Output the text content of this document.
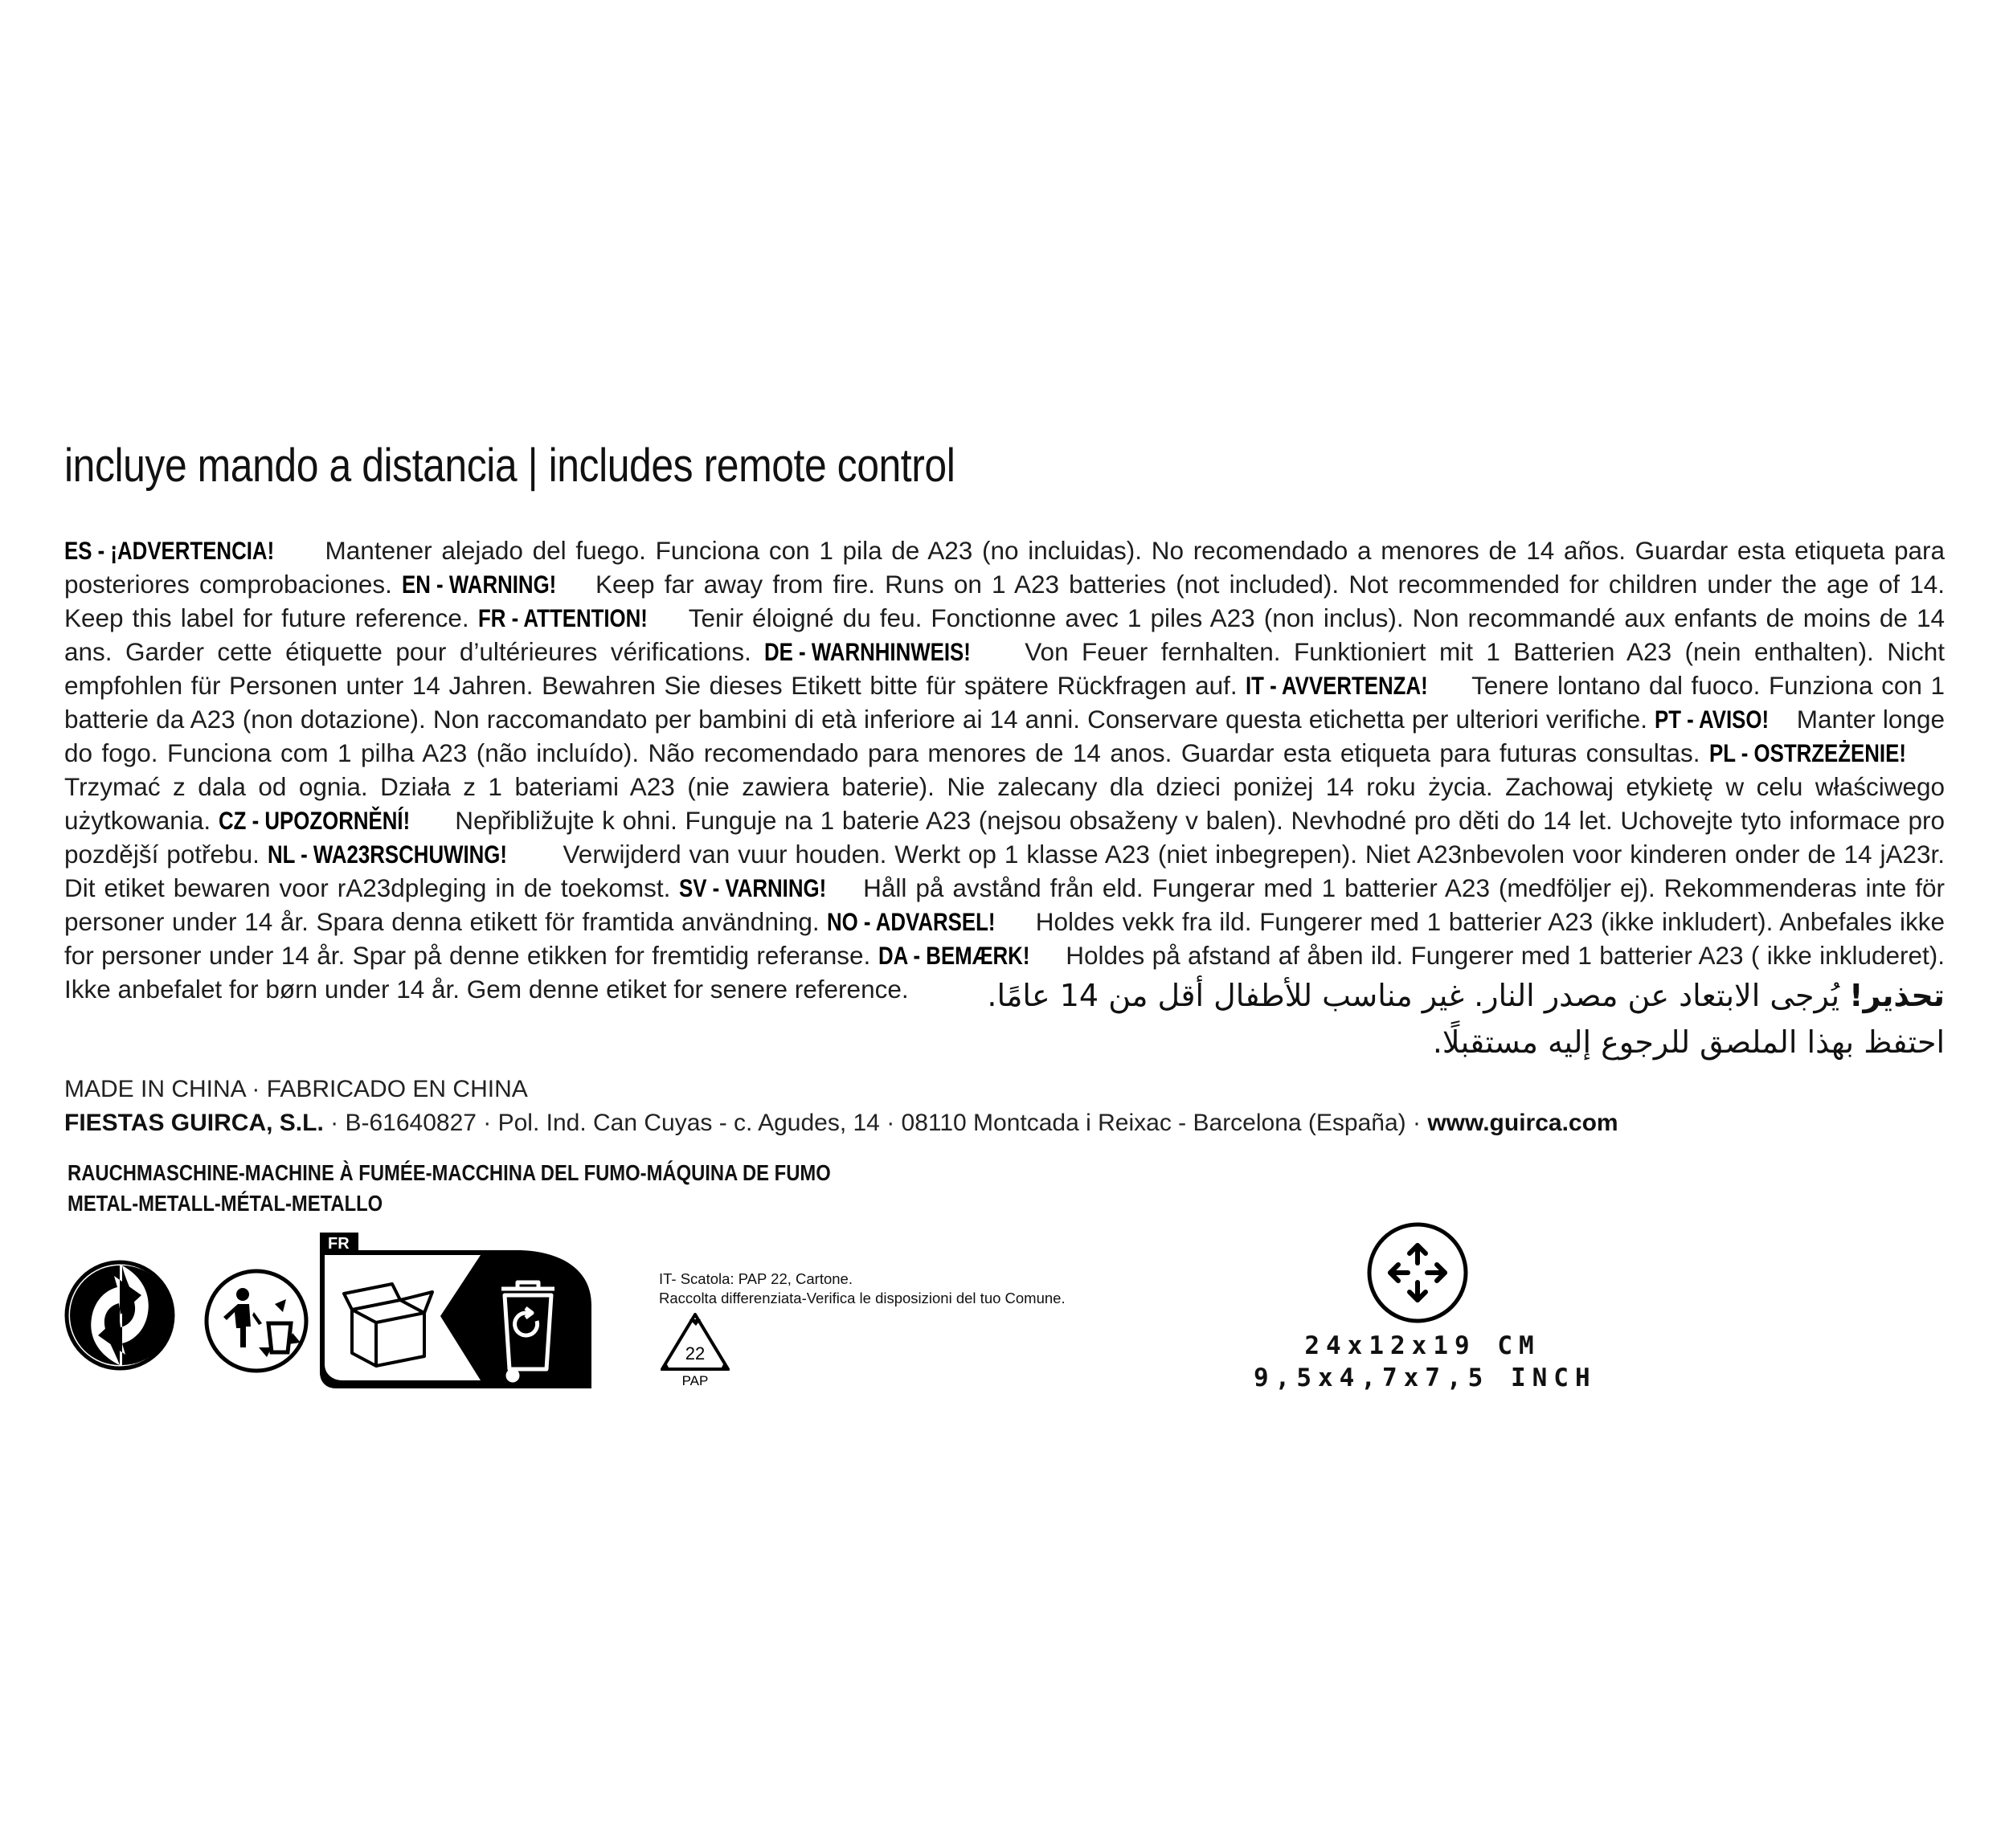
incluye mando a distancia | includes remote control
ES - ¡ADVERTENCIA! Mantener alejado del fuego. Funciona con 1 pila de A23 (no incluidas). No recomendado a menores de 14 años. Guardar esta etiqueta para posteriores comprobaciones. EN - WARNING! Keep far away from fire. Runs on 1 A23 batteries (not included). Not recommended for children under the age of 14. Keep this label for future reference. FR - ATTENTION! Tenir éloigné du feu. Fonctionne avec 1 piles A23 (non inclus). Non recommandé aux enfants de moins de 14 ans. Garder cette étiquette pour d’ultérieures vérifications. DE - WARNHINWEIS! Von Feuer fernhalten. Funktioniert mit 1 Batterien A23 (nein enthalten). Nicht empfohlen für Personen unter 14 Jahren. Bewahren Sie dieses Etikett bitte für spätere Rückfragen auf. IT - AVVERTENZA! Tenere lontano dal fuoco. Funziona con 1 batterie da A23 (non dotazione). Non raccomandato per bambini di età inferiore ai 14 anni. Conservare questa etichetta per ulteriori verifiche. PT - AVISO! Manter longe do fogo. Funciona com 1 pilha A23 (não incluído). Não recomendado para menores de 14 anos. Guardar esta etiqueta para futuras consultas. PL - OSTRZEŻENIE! Trzymać z dala od ognia. Działa z 1 bateriami A23 (nie zawiera baterie). Nie zalecany dla dzieci poniżej 14 roku życia. Zachowaj etykietę w celu właściwego użytkowania. CZ - UPOZORNĚNÍ! Nepřibližujte k ohni. Funguje na 1 baterie A23 (nejsou obsaženy v balen). Nevhodné pro děti do 14 let. Uchovejte tyto informace pro pozdější potřebu. NL - WA23RSCHUWING! Verwijderd van vuur houden. Werkt op 1 klasse A23 (niet inbegrepen). Niet A23nbevolen voor kinderen onder de 14 jA23r. Dit etiket bewaren voor rA23dpleging in de toekomst. SV - VARNING! Håll på avstånd från eld. Fungerar med 1 batterier A23 (medföljer ej). Rekommenderas inte för personer under 14 år. Spara denna etikett för framtida användning. NO - ADVARSEL! Holdes vekk fra ild. Fungerer med 1 batterier A23 (ikke inkludert). Anbefales ikke for personer under 14 år. Spar på denne etikken for fremtidig referanse. DA - BEMÆRK! Holdes på afstand af åben ild. Fungerer med 1 batterier A23 ( ikke inkluderet). Ikke anbefalet for børn under 14 år. Gem denne etiket for senere reference.	تحذير! يُرجى الابتعاد عن مصدر النار. غير مناسب للأطفال أقل من 14 عامًا. احتفظ بهذا الملصق للرجوع إليه مستقبلًا.
MADE IN CHINA · FABRICADO EN CHINA
FIESTAS GUIRCA, S.L. · B-61640827 · Pol. Ind. Can Cuyas - c. Agudes, 14 · 08110 Montcada i Reixac - Barcelona (España) · www.guirca.com
RAUCHMASCHINE-MACHINE À FUMÉE-MACCHINA DEL FUMO-MÁQUINA DE FUMO
METAL-METALL-MÉTAL-METALLO
FR
IT- Scatola: PAP 22, Cartone.
Raccolta differenziata-Verifica le disposizioni del tuo Comune.
22
PAP
24x12x19 CM
9,5x4,7x7,5 INCH
